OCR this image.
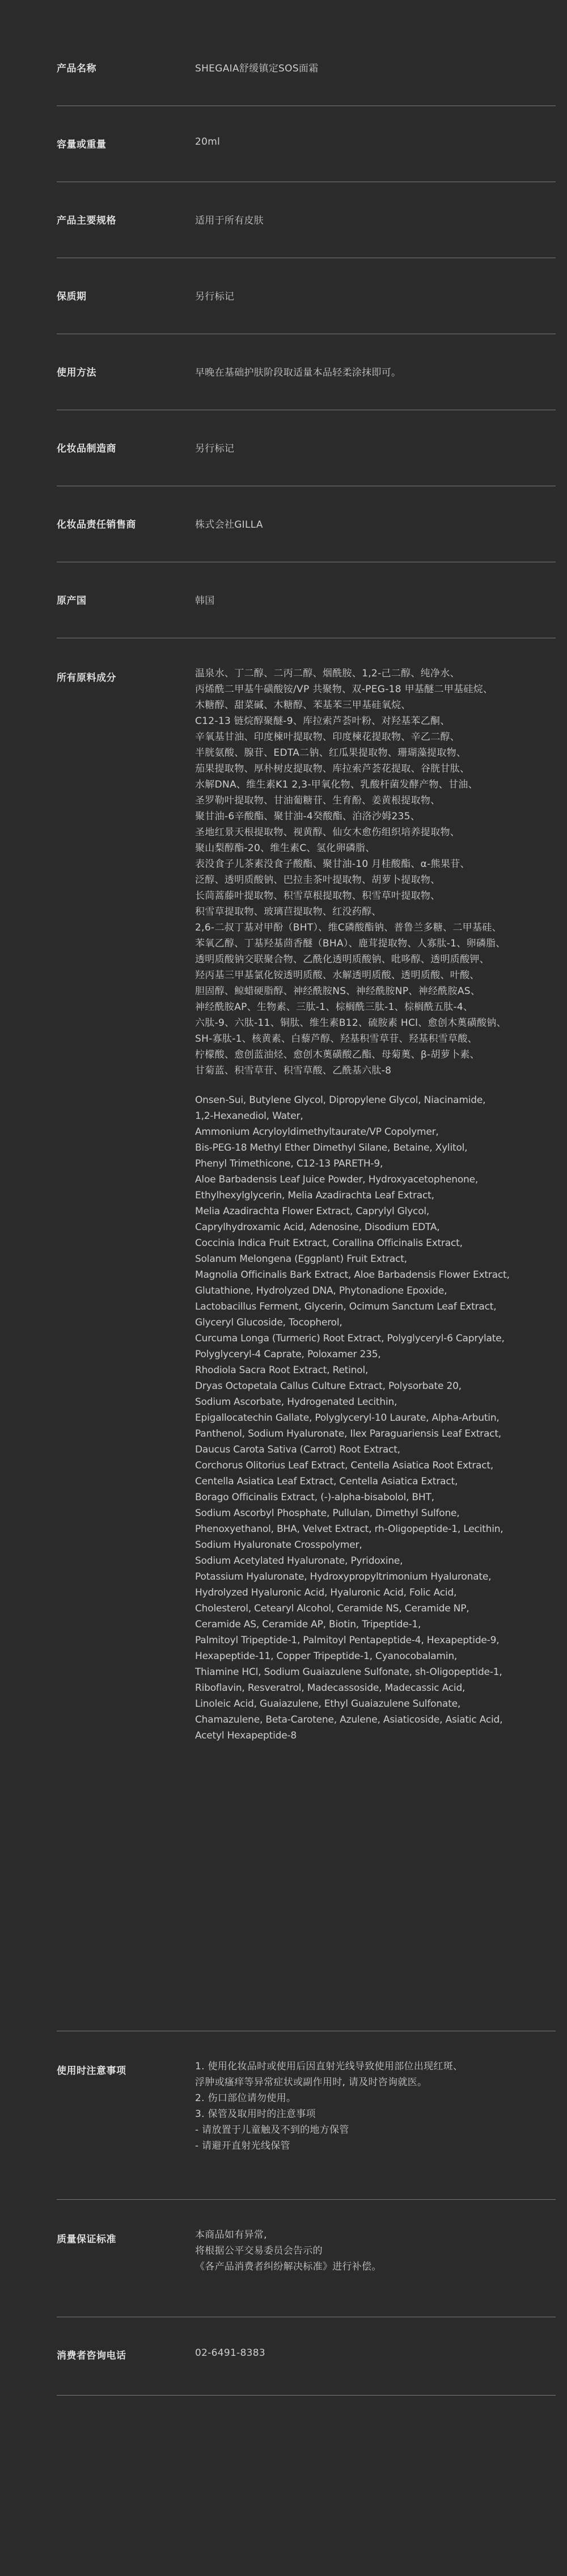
产品名称	SHEGAIA舒缓镇定SOS面霜
容量或重量	20ml
产品主要规格	适用于所有皮肤
保质期	另行标记
使用方法	早晚在基础护肤阶段取适量本品轻柔涂抹即可。
化妆品制造商	另行标记
化妆品责任销售商	株式会社GILLA
原产国	韩国
所有原料成分	温泉水、丁二醇、二丙二醇、烟酰胺、1,2-己二醇、纯净水、
丙烯酰二甲基牛磺酸铵/VP 共聚物、双-PEG-18 甲基醚二甲基硅烷、
木糖醇、甜菜碱、木糖醇、苯基苯三甲基硅氧烷、
C12-13 链烷醇聚醚-9、库拉索芦荟叶粉、对羟基苯乙酮、
辛氧基甘油、印度楝叶提取物、印度楝花提取物、辛乙二醇、
半胱氨酸、腺苷、EDTA二钠、红瓜果提取物、珊瑚藻提取物、
茄果提取物、厚朴树皮提取物、库拉索芦荟花提取、谷胱甘肽、
水解DNA、维生素K1 2,3-甲氧化物、乳酸杆菌发酵产物、甘油、
圣罗勒叶提取物、甘油葡糖苷、生育酚、姜黄根提取物、
聚甘油-6辛酸酯、聚甘油-4癸酸酯、泊洛沙姆235、
圣地红景天根提取物、视黄醇、仙女木愈伤组织培养提取物、
聚山梨醇酯-20、维生素C、氢化卵磷脂、
表没食子儿茶素没食子酸酯、聚甘油-10 月桂酸酯、α-熊果苷、
泛醇、透明质酸钠、巴拉圭茶叶提取物、胡萝卜提取物、
长茼蒿藤叶提取物、积雪草根提取物、积雪草叶提取物、
积雪草提取物、玻璃苣提取物、红没药醇、
2,6-二叔丁基对甲酚（BHT）、维C磷酸酯钠、普鲁兰多糖、二甲基硅、
苯氧乙醇、丁基羟基茴香醚（BHA）、鹿茸提取物、人寡肽-1、卵磷脂、
透明质酸钠交联聚合物、乙酰化透明质酸钠、吡哆醇、透明质酸钾、
羟丙基三甲基氯化铵透明质酸、水解透明质酸、透明质酸、叶酸、
胆固醇、鲸蜡硬脂醇、神经酰胺NS、神经酰胺NP、神经酰胺AS、
神经酰胺AP、生物素、三肽-1、棕榈酰三肽-1、棕榈酰五肽-4、
六肽-9、六肽-11、铜肽、维生素B12、硫胺素 HCl、愈创木薁磺酸钠、
SH-寡肽-1、核黄素、白藜芦醇、羟基积雪草苷、羟基积雪草酸、
柠檬酸、愈创蓝油烃、愈创木薁磺酸乙酯、母菊薁、β-胡萝卜素、
甘菊蓝、积雪草苷、积雪草酸、乙酰基六肽-8

Onsen-Sui, Butylene Glycol, Dipropylene Glycol, Niacinamide,
1,2-Hexanediol, Water,
Ammonium Acryloyldimethyltaurate/VP Copolymer,
Bis-PEG-18 Methyl Ether Dimethyl Silane, Betaine, Xylitol,
Phenyl Trimethicone, C12-13 PARETH-9,
Aloe Barbadensis Leaf Juice Powder, Hydroxyacetophenone,
Ethylhexylglycerin, Melia Azadirachta Leaf Extract,
Melia Azadirachta Flower Extract, Caprylyl Glycol,
Caprylhydroxamic Acid, Adenosine, Disodium EDTA,
Coccinia Indica Fruit Extract, Corallina Officinalis Extract,
Solanum Melongena (Eggplant) Fruit Extract,
Magnolia Officinalis Bark Extract, Aloe Barbadensis Flower Extract,
Glutathione, Hydrolyzed DNA, Phytonadione Epoxide,
Lactobacillus Ferment, Glycerin, Ocimum Sanctum Leaf Extract,
Glyceryl Glucoside, Tocopherol,
Curcuma Longa (Turmeric) Root Extract, Polyglyceryl-6 Caprylate,
Polyglyceryl-4 Caprate, Poloxamer 235,
Rhodiola Sacra Root Extract, Retinol,
Dryas Octopetala Callus Culture Extract, Polysorbate 20,
Sodium Ascorbate, Hydrogenated Lecithin,
Epigallocatechin Gallate, Polyglyceryl-10 Laurate, Alpha-Arbutin,
Panthenol, Sodium Hyaluronate, Ilex Paraguariensis Leaf Extract,
Daucus Carota Sativa (Carrot) Root Extract,
Corchorus Olitorius Leaf Extract, Centella Asiatica Root Extract,
Centella Asiatica Leaf Extract, Centella Asiatica Extract,
Borago Officinalis Extract, (-)-alpha-bisabolol, BHT,
Sodium Ascorbyl Phosphate, Pullulan, Dimethyl Sulfone,
Phenoxyethanol, BHA, Velvet Extract, rh-Oligopeptide-1, Lecithin,
Sodium Hyaluronate Crosspolymer,
Sodium Acetylated Hyaluronate, Pyridoxine,
Potassium Hyaluronate, Hydroxypropyltrimonium Hyaluronate,
Hydrolyzed Hyaluronic Acid, Hyaluronic Acid, Folic Acid,
Cholesterol, Cetearyl Alcohol, Ceramide NS, Ceramide NP,
Ceramide AS, Ceramide AP, Biotin, Tripeptide-1,
Palmitoyl Tripeptide-1, Palmitoyl Pentapeptide-4, Hexapeptide-9,
Hexapeptide-11, Copper Tripeptide-1, Cyanocobalamin,
Thiamine HCl, Sodium Guaiazulene Sulfonate, sh-Oligopeptide-1,
Riboflavin, Resveratrol, Madecassoside, Madecassic Acid,
Linoleic Acid, Guaiazulene, Ethyl Guaiazulene Sulfonate,
Chamazulene, Beta-Carotene, Azulene, Asiaticoside, Asiatic Acid,
Acetyl Hexapeptide-8

使用时注意事项	1. 使用化妆品时或使用后因直射光线导致使用部位出现红斑、
浮肿或瘙痒等异常症状或副作用时, 请及时咨询就医。
2. 伤口部位请勿使用。
3. 保管及取用时的注意事项
- 请放置于儿童触及不到的地方保管
- 请避开直射光线保管

质量保证标准	本商品如有异常,
将根据公平交易委员会告示的
《各产品消费者纠纷解决标准》进行补偿。

消费者咨询电话	02-6491-8383
